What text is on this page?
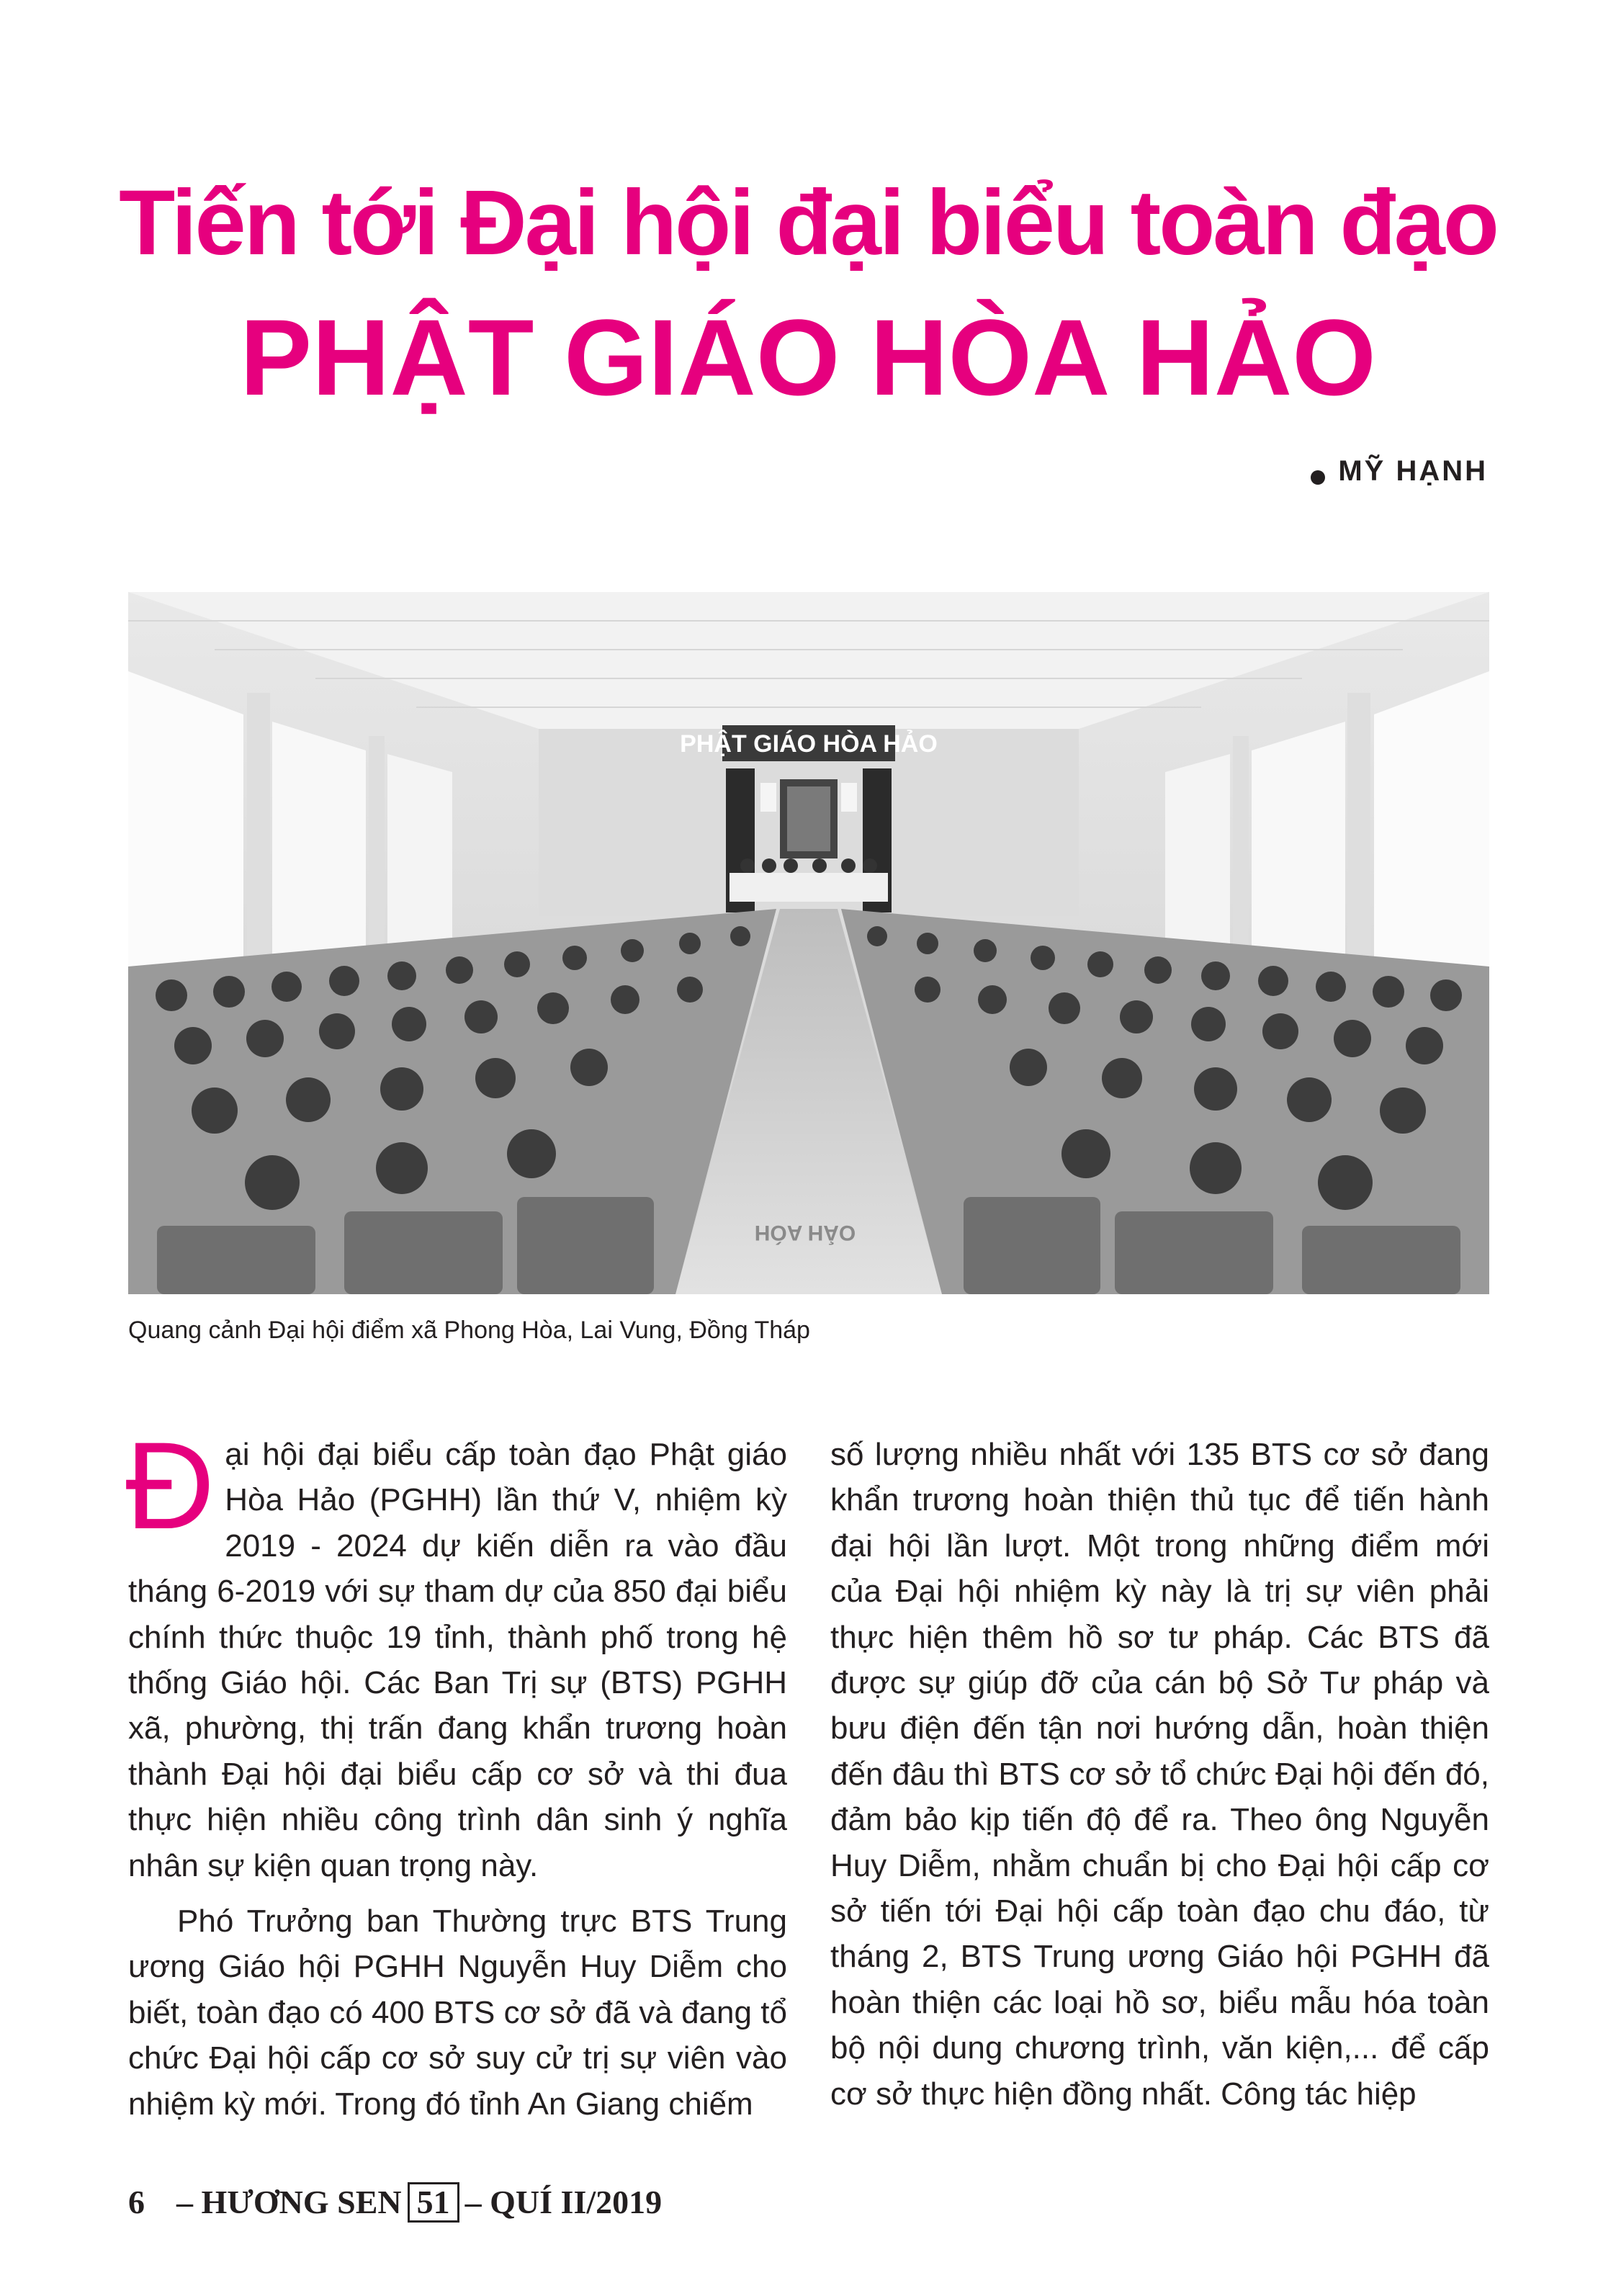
Tiến tới Đại hội đại biểu toàn đạo
PHẬT GIÁO HÒA HẢO
MỸ HẠNH
PHẬT GIÁO HÒA HẢO
HÒA HẢO
Quang cảnh Đại hội điểm xã Phong Hòa, Lai Vung, Đồng Tháp

Đại hội đại biểu cấp toàn đạo Phật giáo Hòa Hảo (PGHH) lần thứ V, nhiệm kỳ 2019 - 2024 dự kiến diễn ra vào đầu tháng 6-2019 với sự tham dự của 850 đại biểu chính thức thuộc 19 tỉnh, thành phố trong hệ thống Giáo hội. Các Ban Trị sự (BTS) PGHH xã, phường, thị trấn đang khẩn trương hoàn thành Đại hội đại biểu cấp cơ sở và thi đua thực hiện nhiều công trình dân sinh ý nghĩa nhân sự kiện quan trọng này.

Phó Trưởng ban Thường trực BTS Trung ương Giáo hội PGHH Nguyễn Huy Diễm cho biết, toàn đạo có 400 BTS cơ sở đã và đang tổ chức Đại hội cấp cơ sở suy cử trị sự viên vào nhiệm kỳ mới. Trong đó tỉnh An Giang chiếm

số lượng nhiều nhất với 135 BTS cơ sở đang khẩn trương hoàn thiện thủ tục để tiến hành đại hội lần lượt. Một trong những điểm mới của Đại hội nhiệm kỳ này là trị sự viên phải thực hiện thêm hồ sơ tư pháp. Các BTS đã được sự giúp đỡ của cán bộ Sở Tư pháp và bưu điện đến tận nơi hướng dẫn, hoàn thiện đến đâu thì BTS cơ sở tổ chức Đại hội đến đó, đảm bảo kịp tiến độ để ra. Theo ông Nguyễn Huy Diễm, nhằm chuẩn bị cho Đại hội cấp cơ sở tiến tới Đại hội cấp toàn đạo chu đáo, từ tháng 2, BTS Trung ương Giáo hội PGHH đã hoàn thiện các loại hồ sơ, biểu mẫu hóa toàn bộ nội dung chương trình, văn kiện,... để cấp cơ sở thực hiện đồng nhất. Công tác hiệp

6 – HƯƠNG SEN 51 – QUÍ II/2019
